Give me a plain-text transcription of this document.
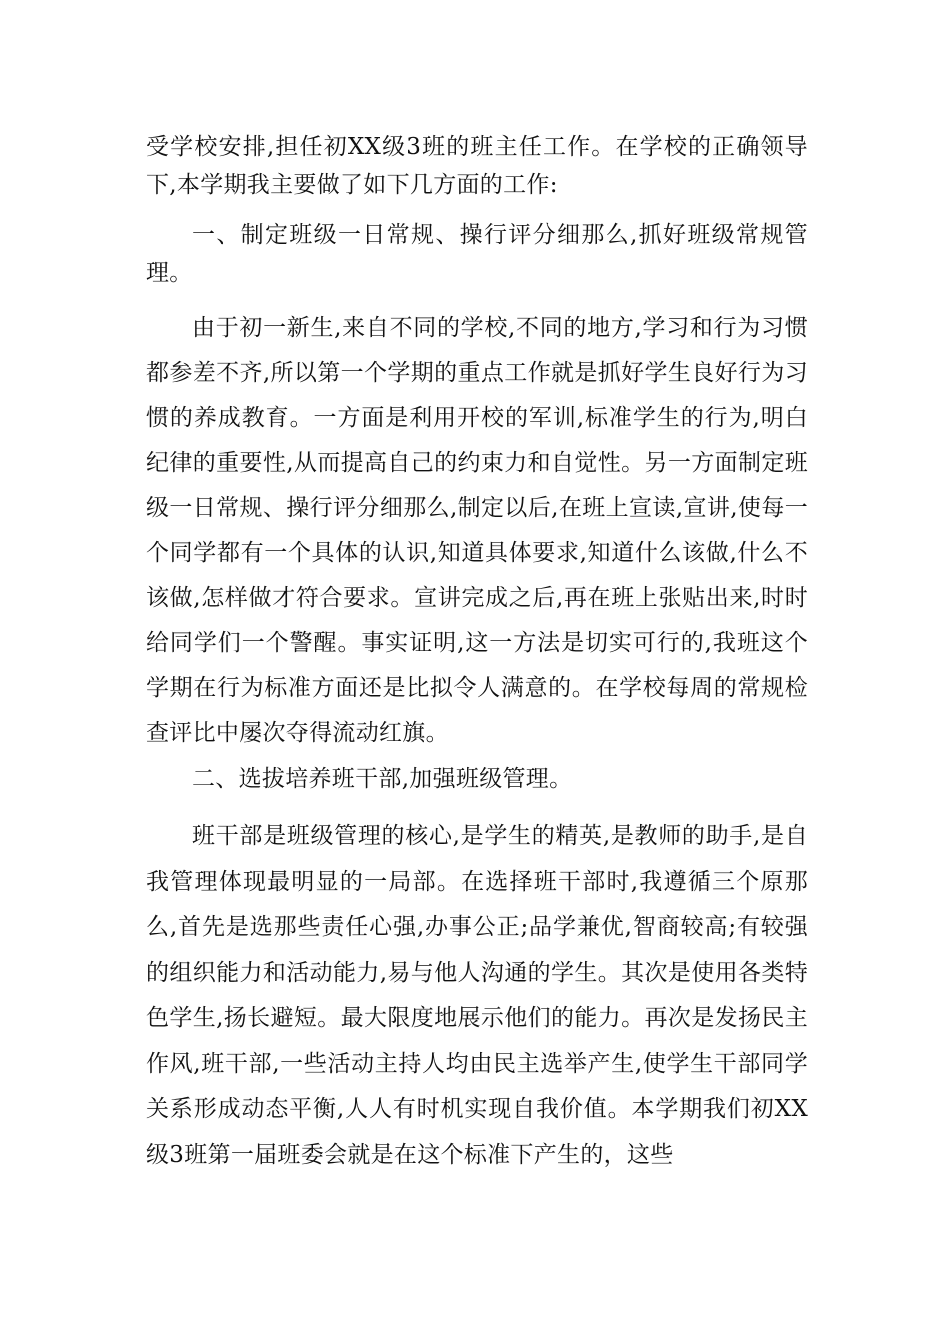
受学校安排,担任初XX级3班的班主任工作。在学校的正确领导下,本学期我主要做了如下几方面的工作:

一、制定班级一日常规、操行评分细那么,抓好班级常规管理。

由于初一新生,来自不同的学校,不同的地方,学习和行为习惯都参差不齐,所以第一个学期的重点工作就是抓好学生良好行为习惯的养成教育。一方面是利用开校的军训,标准学生的行为,明白纪律的重要性,从而提高自己的约束力和自觉性。另一方面制定班级一日常规、操行评分细那么,制定以后,在班上宣读,宣讲,使每一个同学都有一个具体的认识,知道具体要求,知道什么该做,什么不该做,怎样做才符合要求。宣讲完成之后,再在班上张贴出来,时时给同学们一个警醒。事实证明,这一方法是切实可行的,我班这个学期在行为标准方面还是比拟令人满意的。在学校每周的常规检查评比中屡次夺得流动红旗。

二、选拔培养班干部,加强班级管理。

班干部是班级管理的核心,是学生的精英,是教师的助手,是自我管理体现最明显的一局部。在选择班干部时,我遵循三个原那么,首先是选那些责任心强,办事公正;品学兼优,智商较高;有较强的组织能力和活动能力,易与他人沟通的学生。其次是使用各类特色学生,扬长避短。最大限度地展示他们的能力。再次是发扬民主作风,班干部,一些活动主持人均由民主选举产生,使学生干部同学关系形成动态平衡,人人有时机实现自我价值。本学期我们初XX级3班第一届班委会就是在这个标准下产生的，这些
